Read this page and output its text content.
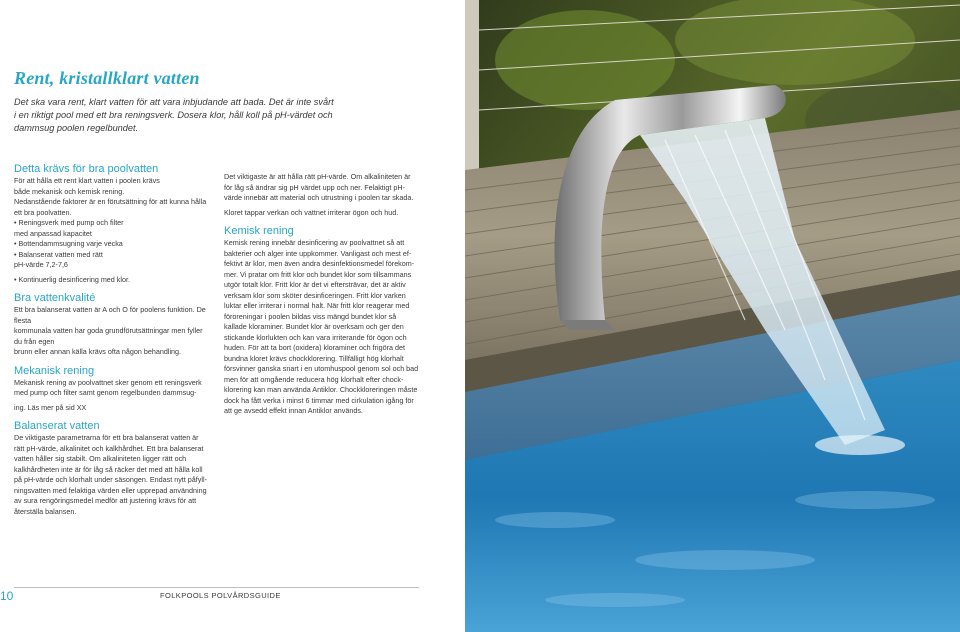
Rent, kristallklart vatten
Det ska vara rent, klart vatten för att vara inbjudande att bada. Det är inte svårt
i en riktigt pool med ett bra reningsverk. Dosera klor, håll koll på pH-värdet och
dammsug poolen regelbundet.
Detta krävs för bra poolvatten
För att hålla ett rent klart vatten i poolen krävs
både mekanisk och kemisk rening.
Nedanstående faktorer är en förutsättning för att kunna hålla
ett bra poolvatten.
• Reningsverk med pump och filter
med anpassad kapacitet
• Bottendammsugning varje vecka
• Balanserat vatten med rätt
pH-värde 7,2-7,6
• Kontinuerlig desinficering med klor.
Bra vattenkvalité
Ett bra balanserat vatten är A och O för poolens funktion. De
flesta
kommunala vatten har goda grundförutsättningar men fyller
du från egen
brunn eller annan källa krävs ofta någon behandling.
Mekanisk rening
Mekanisk rening av poolvattnet sker genom ett reningsverk
med pump och filter samt genom regelbunden dammsug-
ing. Läs mer på sid XX
Balanserat vatten
De viktigaste parametrarna för ett bra balanserat vatten är
rätt pH-värde, alkalinitet och kalkhårdhet. Ett bra balanserat
vatten håller sig stabilt. Om alkaliniteten ligger rätt och
kalkhårdheten inte är för låg så räcker det med att hålla koll
på pH-värde och klorhalt under säsongen. Endast nytt påfyll-
ningsvatten med felaktiga värden eller upprepad användning
av sura rengöringsmedel medför att justering krävs för att
återställa balansen.
Det viktigaste är att hålla rätt pH-värde. Om alkaliniteten är
för låg så ändrar sig pH värdet upp och ner. Felaktigt pH-
värde innebär att material och utrustning i poolen tar skada.
Kloret tappar verkan och vattnet irriterar ögon och hud.
Kemisk rening
Kemisk rening innebär desinficering av poolvattnet så att
bakterier och alger inte uppkommer. Vanligast och mest ef-
fektivt är klor, men även andra desinfektionsmedel förekom-
mer. Vi pratar om fritt klor och bundet klor som tillsammans
utgör totalt klor. Fritt klor är det vi eftersträvar, det är aktiv
verksam klor som sköter desinficeringen. Fritt klor varken
luktar eller irriterar i normal halt. När fritt klor reagerar med
föroreningar i poolen bildas viss mängd bundet klor så
kallade kloraminer. Bundet klor är overksam och ger den
stickande klorlukten och kan vara irriterande för ögon och
huden. För att ta bort (oxidera) kloraminer och frigöra det
bundna kloret krävs chockklorering. Tillfälligt hög klorhalt
försvinner ganska snart i en utomhuspool genom sol och bad
men för att omgående reducera hög klorhalt efter chock-
klorering kan man använda Antiklor. Chockkloreringen måste
dock ha fått verka i minst 6 timmar med cirkulation igång för
att ge avsedd effekt innan Antiklor används.
10	FOLKPOOLS POLVÅRDSGUIDE
